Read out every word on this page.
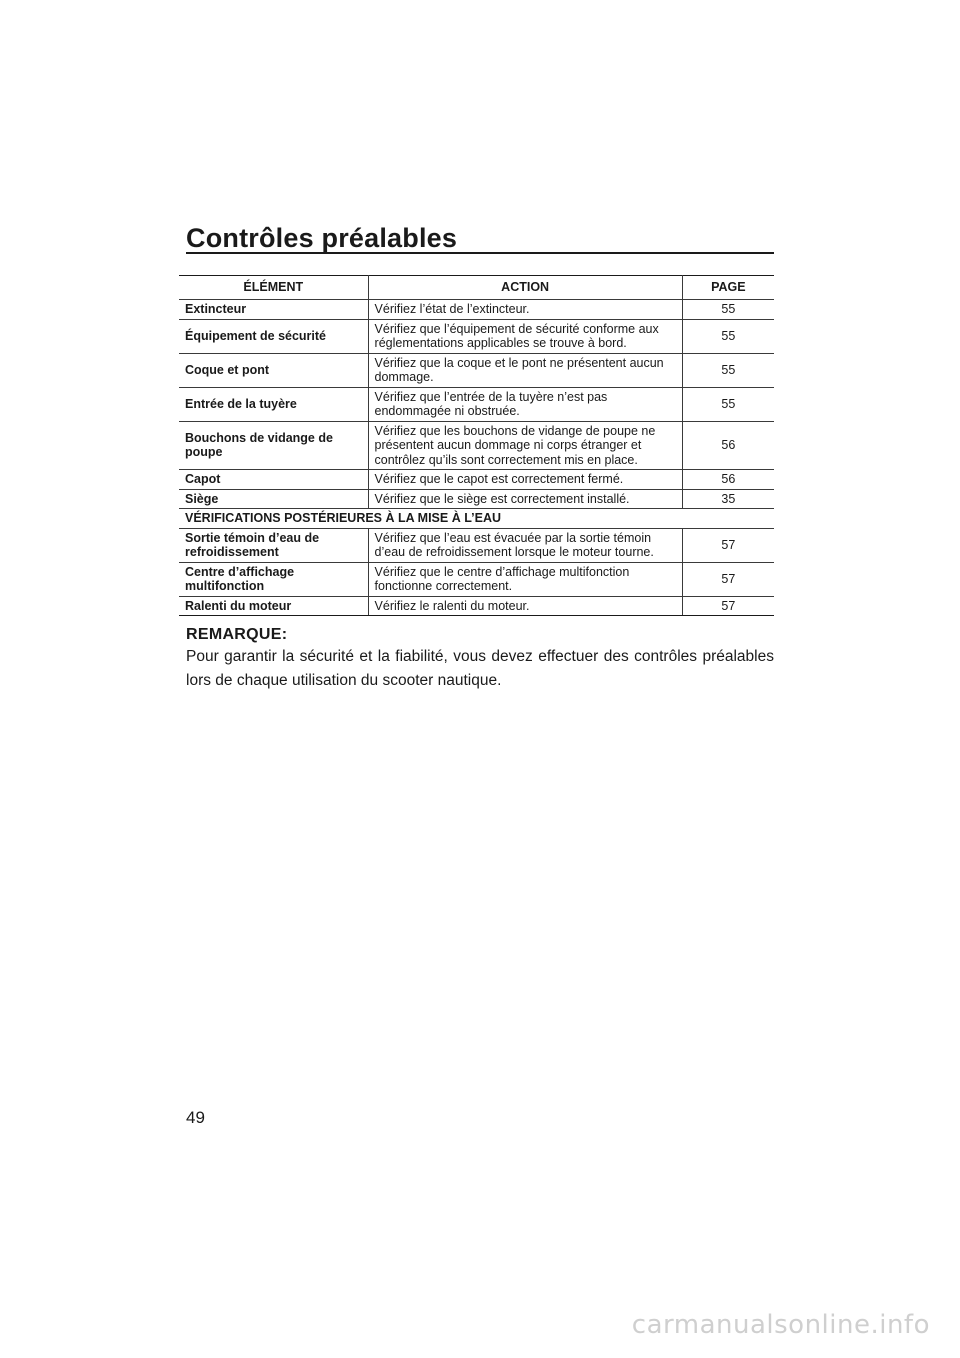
Contrôles préalables
ÉLÉMENT	ACTION	PAGE
Extincteur	Vérifiez l’état de l’extincteur.	55
Équipement de sécurité	Vérifiez que l’équipement de sécurité conforme aux réglementations applicables se trouve à bord.	55
Coque et pont	Vérifiez que la coque et le pont ne présentent aucun dommage.	55
Entrée de la tuyère	Vérifiez que l’entrée de la tuyère n’est pas endommagée ni obstruée.	55
Bouchons de vidange de poupe	Vérifiez que les bouchons de vidange de poupe ne présentent aucun dommage ni corps étranger et contrôlez qu’ils sont correctement mis en place.	56
Capot	Vérifiez que le capot est correctement fermé.	56
Siège	Vérifiez que le siège est correctement installé.	35
VÉRIFICATIONS POSTÉRIEURES À LA MISE À L’EAU		
Sortie témoin d’eau de refroidissement	Vérifiez que l’eau est évacuée par la sortie témoin d’eau de refroidissement lorsque le moteur tourne.	57
Centre d’affichage multifonction	Vérifiez que le centre d’affichage multifonction fonctionne correctement.	57
Ralenti du moteur	Vérifiez le ralenti du moteur.	57
REMARQUE:

Pour garantir la sécurité et la fiabilité, vous devez effectuer des contrôles préalables lors de chaque utilisation du scooter nautique.

49
carmanualsonline.info
